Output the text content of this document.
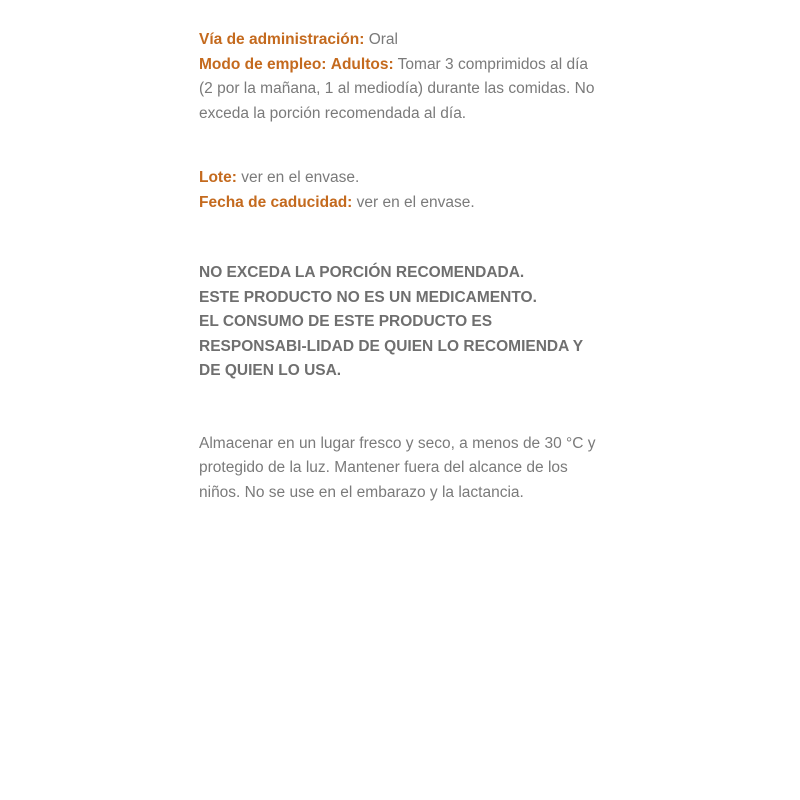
Vía de administración: Oral

Modo de empleo: Adultos: Tomar 3 comprimidos al día (2 por la mañana, 1 al mediodía) durante las comidas. No exceda la porción recomendada al día.

Lote: ver en el envase.

Fecha de caducidad: ver en el envase.

NO EXCEDA LA PORCIÓN RECOMENDADA.

ESTE PRODUCTO NO ES UN MEDICAMENTO.

EL CONSUMO DE ESTE PRODUCTO ES RESPONSABI-LIDAD DE QUIEN LO RECOMIENDA Y DE QUIEN LO USA.

Almacenar en un lugar fresco y seco, a menos de 30 °C y protegido de la luz. Mantener fuera del alcance de los niños. No se use en el embarazo y la lactancia.
